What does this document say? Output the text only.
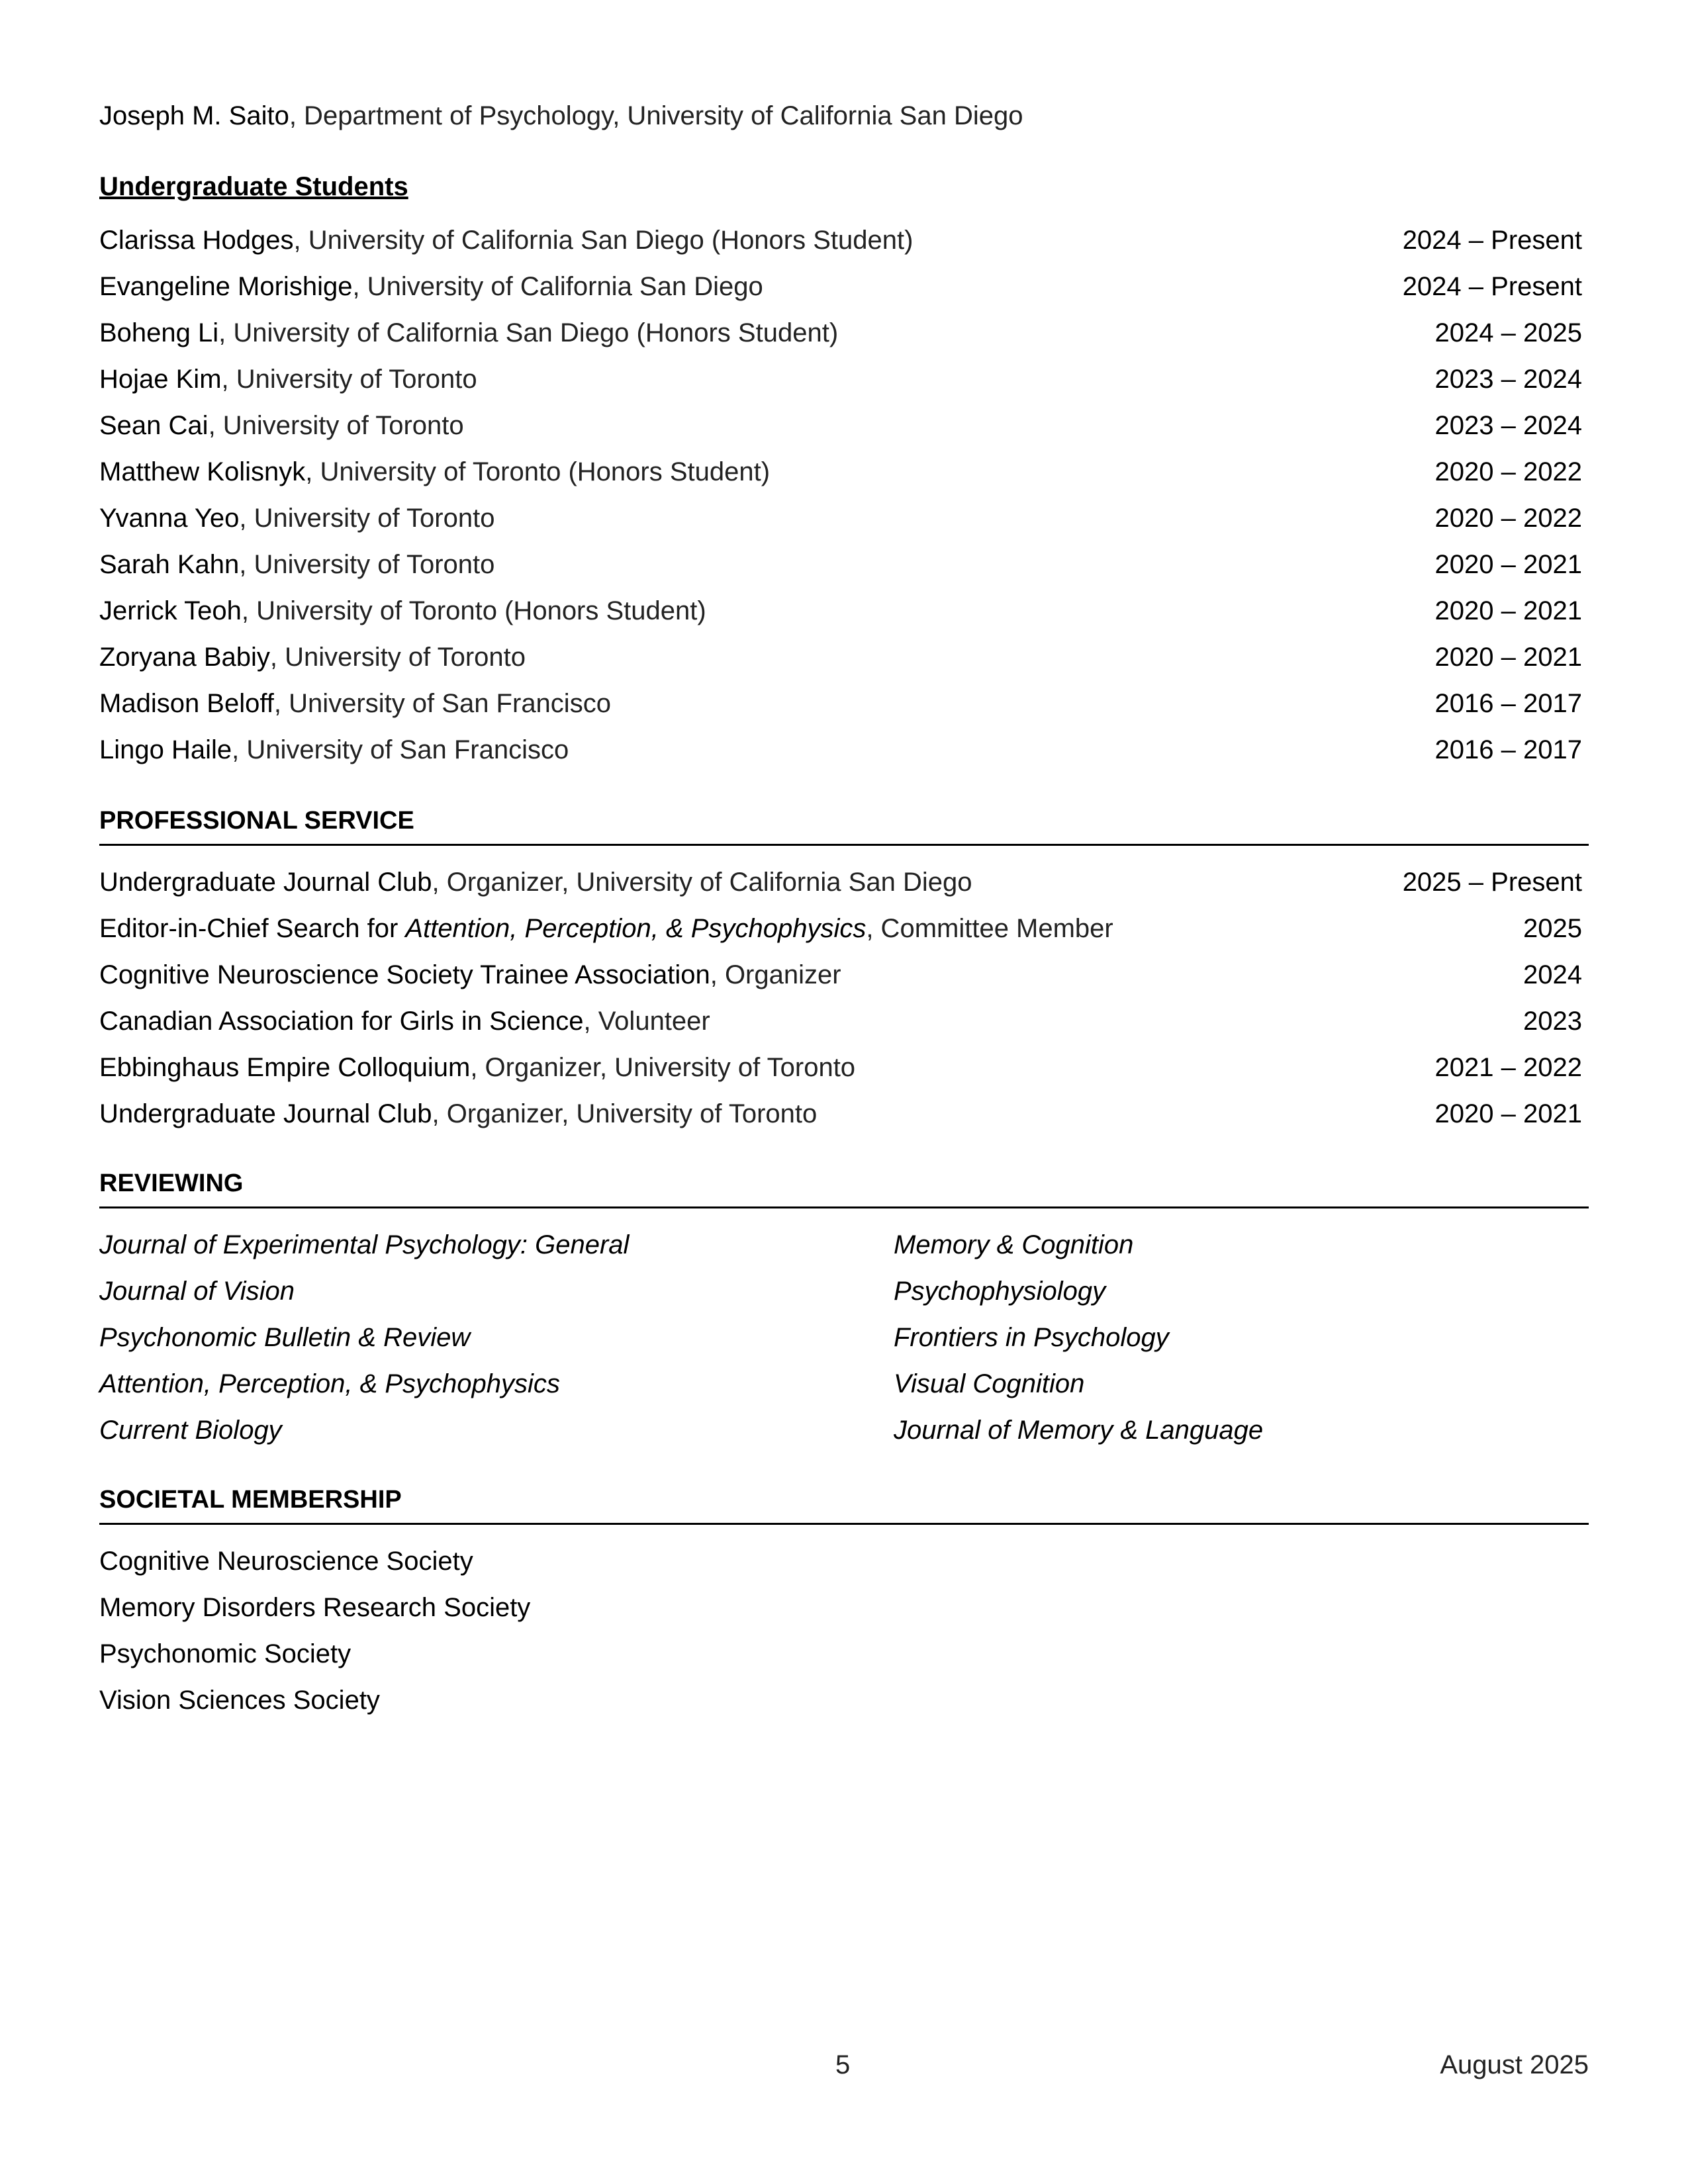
Joseph M. Saito, Department of Psychology, University of California San Diego
Undergraduate Students
Clarissa Hodges, University of California San Diego (Honors Student)	2024 – Present
Evangeline Morishige, University of California San Diego	2024 – Present
Boheng Li, University of California San Diego (Honors Student)	2024 – 2025
Hojae Kim, University of Toronto	2023 – 2024
Sean Cai, University of Toronto	2023 – 2024
Matthew Kolisnyk, University of Toronto (Honors Student)	2020 – 2022
Yvanna Yeo, University of Toronto	2020 – 2022
Sarah Kahn, University of Toronto	2020 – 2021
Jerrick Teoh, University of Toronto (Honors Student)	2020 – 2021
Zoryana Babiy, University of Toronto	2020 – 2021
Madison Beloff, University of San Francisco	2016 – 2017
Lingo Haile, University of San Francisco	2016 – 2017
PROFESSIONAL SERVICE
Undergraduate Journal Club, Organizer, University of California San Diego	2025 – Present
Editor-in-Chief Search for Attention, Perception, & Psychophysics, Committee Member	2025
Cognitive Neuroscience Society Trainee Association, Organizer	2024
Canadian Association for Girls in Science, Volunteer	2023
Ebbinghaus Empire Colloquium, Organizer, University of Toronto	2021 – 2022
Undergraduate Journal Club, Organizer, University of Toronto	2020 – 2021
REVIEWING
Journal of Experimental Psychology: General	Memory & Cognition
Journal of Vision	Psychophysiology
Psychonomic Bulletin & Review	Frontiers in Psychology
Attention, Perception, & Psychophysics	Visual Cognition
Current Biology	Journal of Memory & Language
SOCIETAL MEMBERSHIP
Cognitive Neuroscience Society
Memory Disorders Research Society
Psychonomic Society
Vision Sciences Society
5	August 2025
